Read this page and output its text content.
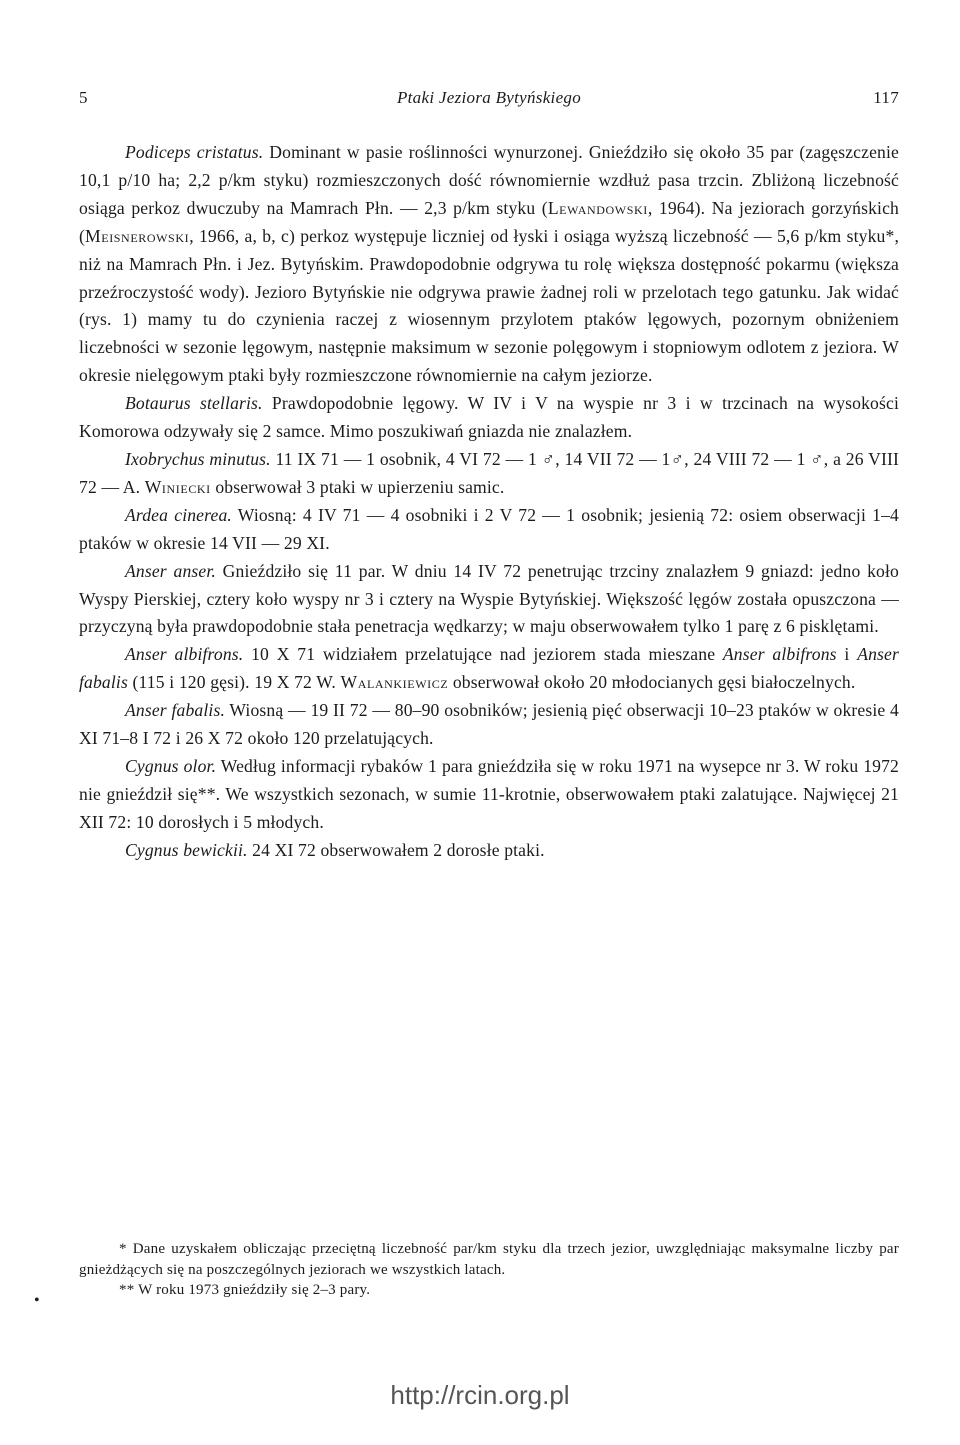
5	Ptaki Jeziora Bytyńskiego	117

Podiceps cristatus. Dominant w pasie roślinności wynurzonej. Gnieździło się około 35 par (zagęszczenie 10,1 p/10 ha; 2,2 p/km styku) rozmieszczonych dość równomiernie wzdłuż pasa trzcin. Zbliżoną liczebność osiąga perkoz dwuczuby na Mamrach Płn. — 2,3 p/km styku (Lewandowski, 1964). Na jeziorach gorzyńskich (Meisnerowski, 1966, a, b, c) perkoz występuje liczniej od łyski i osiąga wyższą liczebność — 5,6 p/km styku*, niż na Mamrach Płn. i Jez. Bytyńskim. Prawdopodobnie odgrywa tu rolę większa dostępność pokarmu (większa przeźroczystość wody). Jezioro Bytyńskie nie odgrywa prawie żadnej roli w przelotach tego gatunku. Jak widać (rys. 1) mamy tu do czynienia raczej z wiosennym przylotem ptaków lęgowych, pozornym obniżeniem liczebności w sezonie lęgowym, następnie maksimum w sezonie polęgowym i stopniowym odlotem z jeziora. W okresie nielęgowym ptaki były rozmieszczone równomiernie na całym jeziorze.

Botaurus stellaris. Prawdopodobnie lęgowy. W IV i V na wyspie nr 3 i w trzcinach na wysokości Komorowa odzywały się 2 samce. Mimo poszukiwań gniazda nie znalazłem.

Ixobrychus minutus. 11 IX 71 — 1 osobnik, 4 VI 72 — 1 ♂, 14 VII 72 — 1♂, 24 VIII 72 — 1 ♂, a 26 VIII 72 — A. Winiecki obserwował 3 ptaki w upierzeniu samic.

Ardea cinerea. Wiosną: 4 IV 71 — 4 osobniki i 2 V 72 — 1 osobnik; jesienią 72: osiem obserwacji 1–4 ptaków w okresie 14 VII — 29 XI.

Anser anser. Gnieździło się 11 par. W dniu 14 IV 72 penetrując trzciny znalazłem 9 gniazd: jedno koło Wyspy Pierskiej, cztery koło wyspy nr 3 i cztery na Wyspie Bytyńskiej. Większość lęgów została opuszczona — przyczyną była prawdopodobnie stała penetracja wędkarzy; w maju obserwowałem tylko 1 parę z 6 pisklętami.

Anser albifrons. 10 X 71 widziałem przelatujące nad jeziorem stada mieszane Anser albifrons i Anser fabalis (115 i 120 gęsi). 19 X 72 W. Walankiewicz obserwował około 20 młodocianych gęsi białoczelnych.

Anser fabalis. Wiosną — 19 II 72 — 80–90 osobników; jesienią pięć obserwacji 10–23 ptaków w okresie 4 XI 71–8 I 72 i 26 X 72 około 120 przelatujących.

Cygnus olor. Według informacji rybaków 1 para gnieździła się w roku 1971 na wysepce nr 3. W roku 1972 nie gnieździł się**. We wszystkich sezonach, w sumie 11-krotnie, obserwowałem ptaki zalatujące. Najwięcej 21 XII 72: 10 dorosłych i 5 młodych.

Cygnus bewickii. 24 XI 72 obserwowałem 2 dorosłe ptaki.

* Dane uzyskałem obliczając przeciętną liczebność par/km styku dla trzech jezior, uwzględniając maksymalne liczby par gnieżdżących się na poszczególnych jeziorach we wszystkich latach.

** W roku 1973 gnieździły się 2–3 pary.

•
http://rcin.org.pl
